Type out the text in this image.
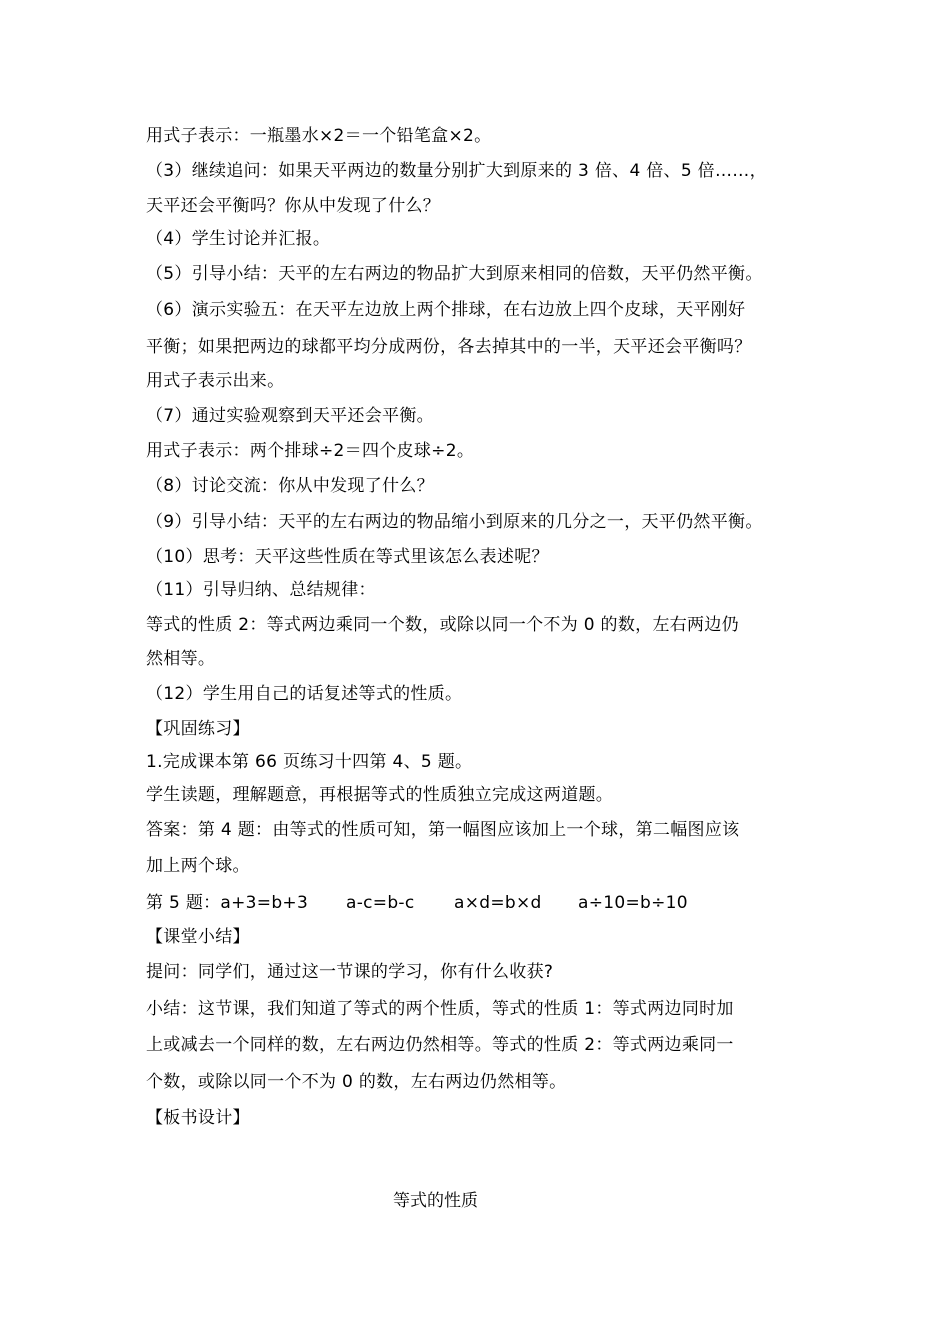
用式子表示：一瓶墨水×2＝一个铅笔盒×2。
（3）继续追问：如果天平两边的数量分别扩大到原来的 3 倍、4 倍、5 倍……，
天平还会平衡吗？你从中发现了什么？
（4）学生讨论并汇报。
（5）引导小结：天平的左右两边的物品扩大到原来相同的倍数，天平仍然平衡。
（6）演示实验五：在天平左边放上两个排球，在右边放上四个皮球，天平刚好
平衡；如果把两边的球都平均分成两份，各去掉其中的一半，天平还会平衡吗？
用式子表示出来。
（7）通过实验观察到天平还会平衡。
用式子表示：两个排球÷2＝四个皮球÷2。
（8）讨论交流：你从中发现了什么？
（9）引导小结：天平的左右两边的物品缩小到原来的几分之一，天平仍然平衡。
（10）思考：天平这些性质在等式里该怎么表述呢？
（11）引导归纳、总结规律：
等式的性质 2：等式两边乘同一个数，或除以同一个不为 0 的数，左右两边仍
然相等。
（12）学生用自己的话复述等式的性质。
【巩固练习】
1.完成课本第 66 页练习十四第 4、5 题。
学生读题，理解题意，再根据等式的性质独立完成这两道题。
答案：第 4 题：由等式的性质可知，第一幅图应该加上一个球，第二幅图应该
加上两个球。
第 5 题：a+3=b+3	a-c=b-c	a×d=b×d	a÷10=b÷10
【课堂小结】
提问：同学们，通过这一节课的学习，你有什么收获?
小结：这节课，我们知道了等式的两个性质，等式的性质 1：等式两边同时加
上或减去一个同样的数，左右两边仍然相等。等式的性质 2：等式两边乘同一
个数，或除以同一个不为 0 的数，左右两边仍然相等。
【板书设计】
等式的性质
